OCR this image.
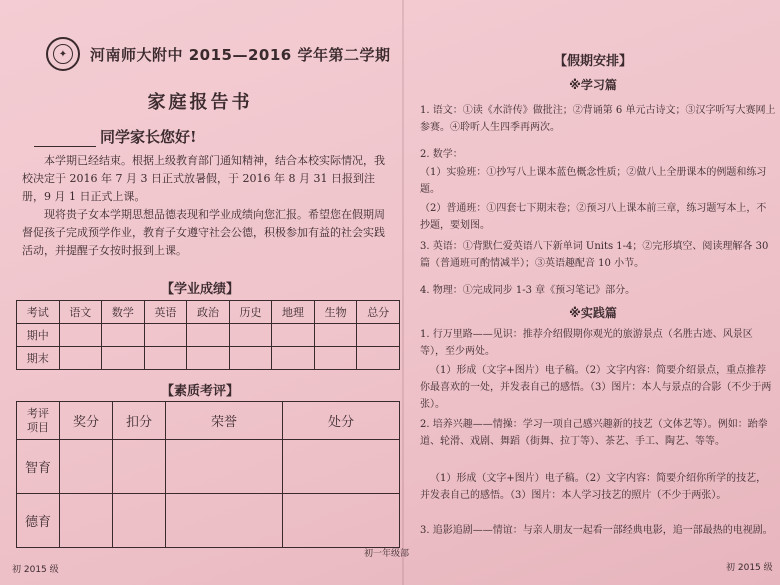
✦	河南师大附中 2015—2016 学年第二学期
家庭报告书
同学家长您好!
本学期已经结束。根据上级教育部门通知精神，结合本校实际情况，我校决定于 2016 年 7 月 3 日正式放暑假，于 2016 年 8 月 31 日报到注册，9 月 1 日正式上课。
现将贵子女本学期思想品德表现和学业成绩向您汇报。希望您在假期周督促孩子完成预学作业，教育子女遵守社会公德，积极参加有益的社会实践活动，并提醒子女按时报到上课。
【学业成绩】
考试	语文	数学	英语	政治	历史	地理	生物	总分
期中								
期末								
【素质考评】
考评
项目	奖分	扣分	荣誉	处分
智育				
德育				
初 2015 级
初一年级部
【假期安排】
※学习篇
1. 语文：①读《水浒传》做批注；②背诵第 6 单元古诗文；③汉字听写大赛网上参赛。④聆听人生四季再两次。
2. 数学：
（1）实验班：①抄写八上课本蓝色概念性质；②做八上全册课本的例题和练习题。
（2）普通班：①四套七下期末卷；②预习八上课本前三章，练习题写本上，不抄题，要划图。
3. 英语：①背默仁爱英语八下新单词 Units 1-4；②完形填空、阅读理解各 30 篇（普通班可酌情减半）；③英语趣配音 10 小节。
4. 物理：①完成同步 1-3 章《预习笔记》部分。
※实践篇
1. 行万里路——见识：推荐介绍假期你观光的旅游景点（名胜古迹、风景区等），至少两处。
（1）形成（文字+图片）电子稿。（2）文字内容：简要介绍景点，重点推荐你最喜欢的一处，并发表自己的感悟。（3）图片：本人与景点的合影（不少于两张）。
2. 培养兴趣——情操：学习一项自己感兴趣新的技艺（文体艺等）。例如：跆拳道、轮滑、戏剧、舞蹈（街舞、拉丁等）、茶艺、手工、陶艺、等等。
（1）形成（文字+图片）电子稿。（2）文字内容：简要介绍你所学的技艺，并发表自己的感悟。（3）图片：本人学习技艺的照片（不少于两张）。
3. 追影追剧——情谊：与亲人朋友一起看一部经典电影，追一部最热的电视剧。
初 2015 级
